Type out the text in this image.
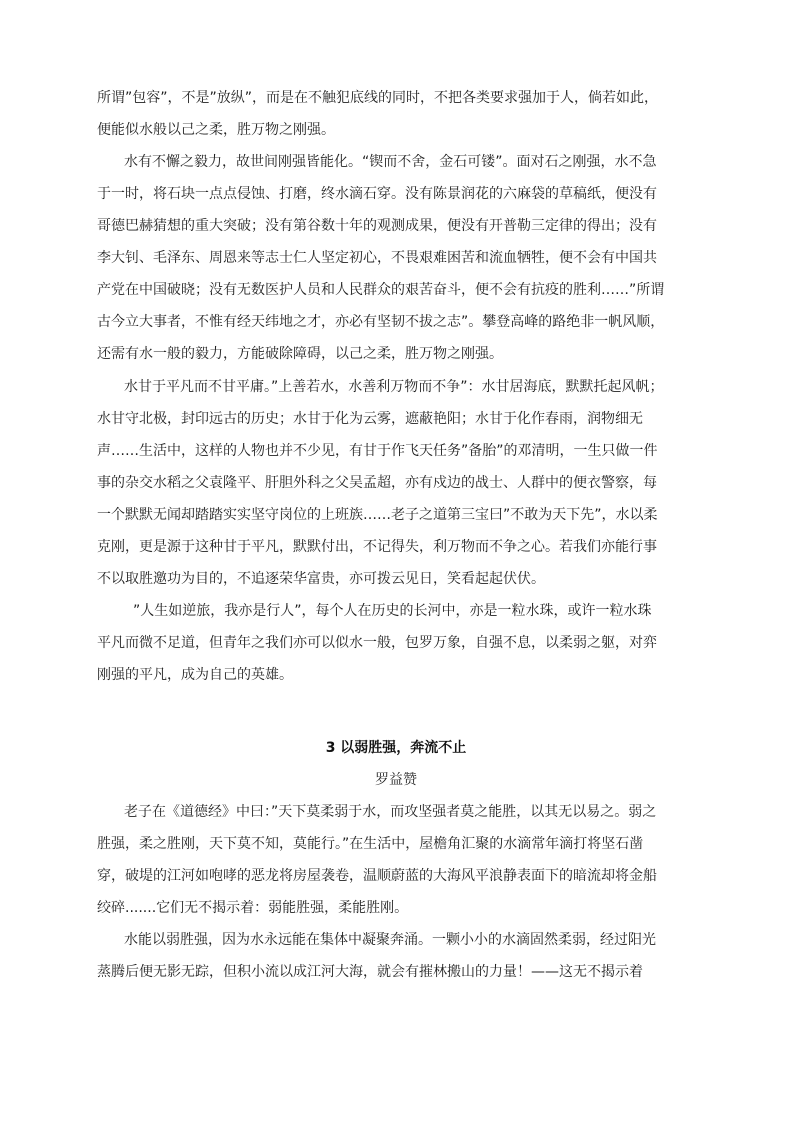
所谓”包容”，不是”放纵”，而是在不触犯底线的同时，不把各类要求强加于人，倘若如此，
便能似水般以己之柔，胜万物之刚强。
水有不懈之毅力，故世间刚强皆能化。“锲而不舍，金石可镂”。面对石之刚强，水不急
于一时，将石块一点点侵蚀、打磨，终水滴石穿。没有陈景润花的六麻袋的草稿纸，便没有
哥德巴赫猜想的重大突破；没有第谷数十年的观测成果，便没有开普勒三定律的得出；没有
李大钊、毛泽东、周恩来等志士仁人坚定初心，不畏艰难困苦和流血牺牲，便不会有中国共
产党在中国破晓；没有无数医护人员和人民群众的艰苦奋斗，便不会有抗疫的胜利……”所谓
古今立大事者，不惟有经天纬地之才，亦必有坚韧不拔之志”。攀登高峰的路绝非一帆风顺，
还需有水一般的毅力，方能破除障碍，以己之柔，胜万物之刚强。
水甘于平凡而不甘平庸。”上善若水，水善利万物而不争”：水甘居海底，默默托起风帆；
水甘守北极，封印远古的历史；水甘于化为云雾，遮蔽艳阳；水甘于化作春雨，润物细无
声……生活中，这样的人物也并不少见，有甘于作飞天任务”备胎”的邓清明，一生只做一件
事的杂交水稻之父袁隆平、肝胆外科之父吴孟超，亦有戍边的战士、人群中的便衣警察，每
一个默默无闻却踏踏实实坚守岗位的上班族……老子之道第三宝曰”不敢为天下先”，水以柔
克刚，更是源于这种甘于平凡，默默付出，不记得失，利万物而不争之心。若我们亦能行事
不以取胜邀功为目的，不追逐荣华富贵，亦可拨云见日，笑看起起伏伏。
”人生如逆旅，我亦是行人”，每个人在历史的长河中，亦是一粒水珠，或许一粒水珠
平凡而微不足道，但青年之我们亦可以似水一般，包罗万象，自强不息，以柔弱之躯，对弈
刚强的平凡，成为自己的英雄。
3 以弱胜强，奔流不止
罗益赞
老子在《道德经》中曰：”天下莫柔弱于水，而攻坚强者莫之能胜，以其无以易之。弱之
胜强，柔之胜刚，天下莫不知，莫能行。”在生活中，屋檐角汇聚的水滴常年滴打将坚石凿
穿，破堤的江河如咆哮的恶龙将房屋袭卷，温顺蔚蓝的大海风平浪静表面下的暗流却将金船
绞碎.......它们无不揭示着：弱能胜强，柔能胜刚。
水能以弱胜强，因为水永远能在集体中凝聚奔涌。一颗小小的水滴固然柔弱，经过阳光
蒸腾后便无影无踪，但积小流以成江河大海，就会有摧林搬山的力量！——这无不揭示着
